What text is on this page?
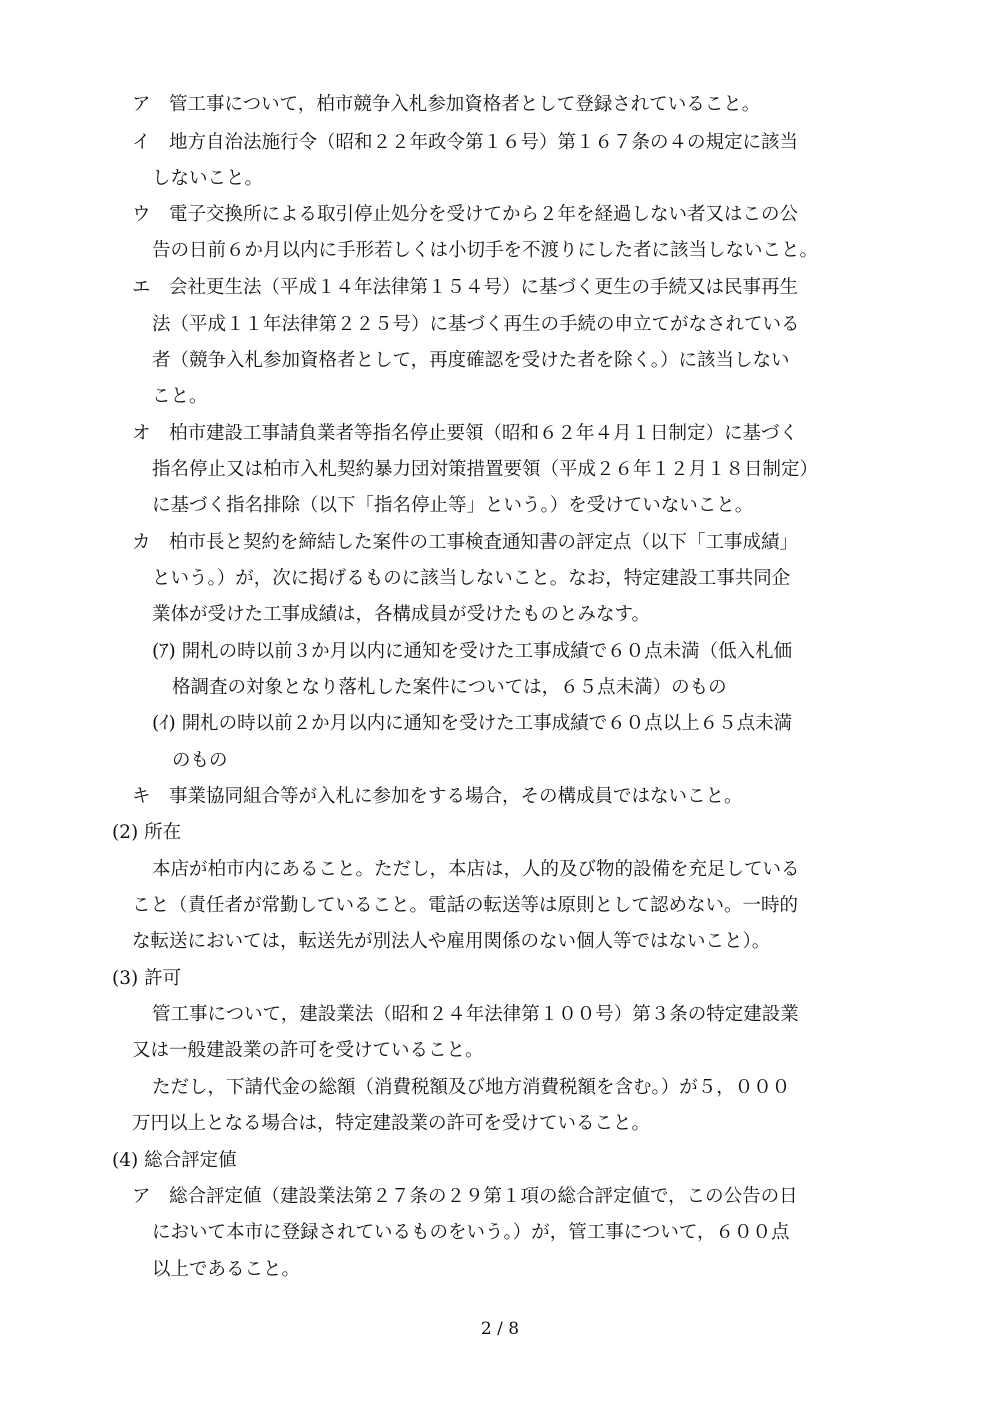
ア　管工事について，柏市競争入札参加資格者として登録されていること。
イ　地方自治法施行令（昭和２２年政令第１６号）第１６７条の４の規定に該当
しないこと。
ウ　電子交換所による取引停止処分を受けてから２年を経過しない者又はこの公
告の日前６か月以内に手形若しくは小切手を不渡りにした者に該当しないこと。
エ　会社更生法（平成１４年法律第１５４号）に基づく更生の手続又は民事再生
法（平成１１年法律第２２５号）に基づく再生の手続の申立てがなされている
者（競争入札参加資格者として，再度確認を受けた者を除く。）に該当しない
こと。
オ　柏市建設工事請負業者等指名停止要領（昭和６２年４月１日制定）に基づく
指名停止又は柏市入札契約暴力団対策措置要領（平成２６年１２月１８日制定）
に基づく指名排除（以下「指名停止等」という。）を受けていないこと。
カ　柏市長と契約を締結した案件の工事検査通知書の評定点（以下「工事成績」
という。）が，次に掲げるものに該当しないこと。なお，特定建設工事共同企
業体が受けた工事成績は，各構成員が受けたものとみなす。
(ｱ) 開札の時以前３か月以内に通知を受けた工事成績で６０点未満（低入札価
格調査の対象となり落札した案件については，６５点未満）のもの
(ｲ) 開札の時以前２か月以内に通知を受けた工事成績で６０点以上６５点未満
のもの
キ　事業協同組合等が入札に参加をする場合，その構成員ではないこと。
(2) 所在
本店が柏市内にあること。ただし，本店は，人的及び物的設備を充足している
こと（責任者が常勤していること。電話の転送等は原則として認めない。一時的
な転送においては，転送先が別法人や雇用関係のない個人等ではないこと）。
(3) 許可
管工事について，建設業法（昭和２４年法律第１００号）第３条の特定建設業
又は一般建設業の許可を受けていること。
ただし，下請代金の総額（消費税額及び地方消費税額を含む。）が５，０００
万円以上となる場合は，特定建設業の許可を受けていること。
(4) 総合評定値
ア　総合評定値（建設業法第２７条の２９第１項の総合評定値で，この公告の日
において本市に登録されているものをいう。）が，管工事について，６００点
以上であること。
2 / 8
